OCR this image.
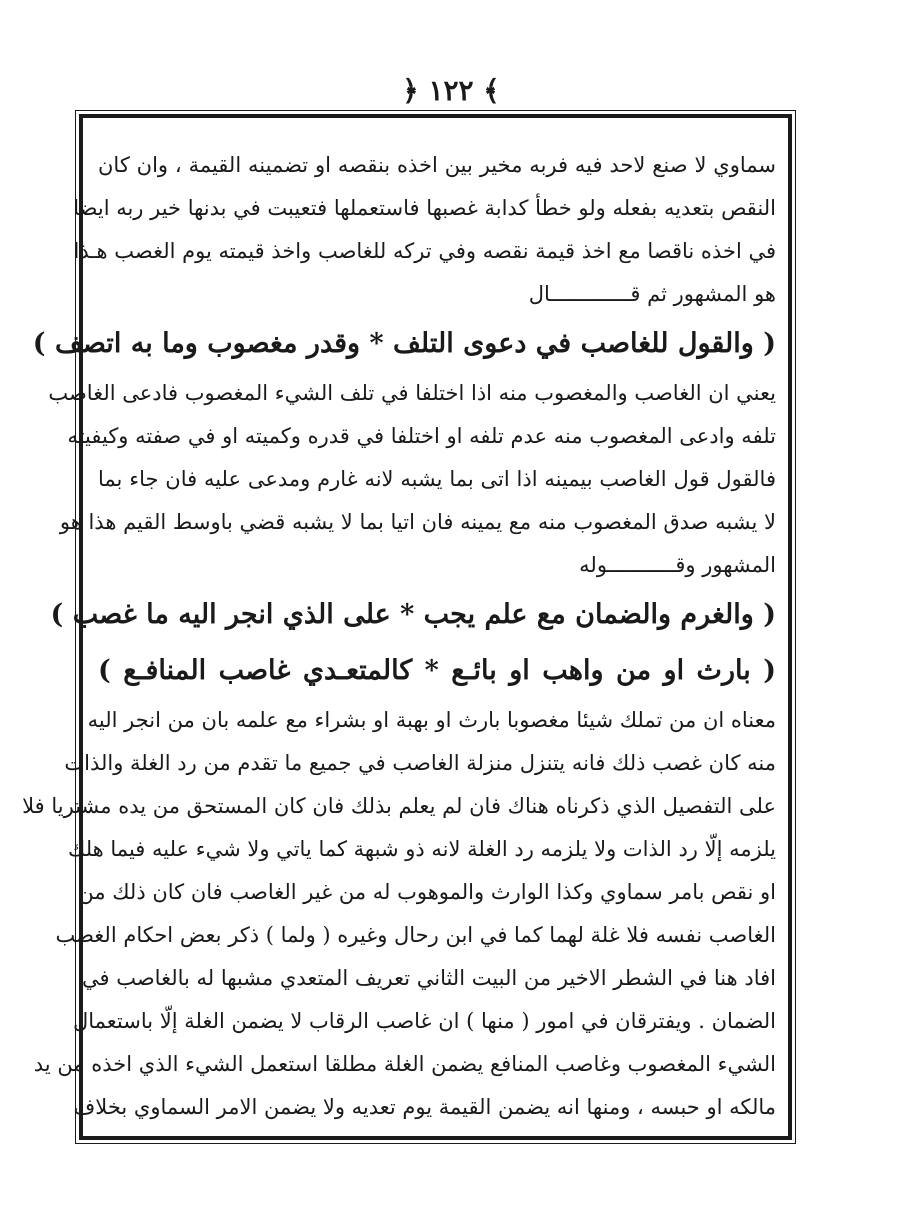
﴿ ١٢٢ ﴾
سماوي لا صنع لاحد فيه فربه مخير بين اخذه بنقصه او تضمينه القيمة ، وان كان
النقص بتعديه بفعله ولو خطأ كدابة غصبها فاستعملها فتعيبت في بدنها خير ربه ايضا
في اخذه ناقصا مع اخذ قيمة نقصه وفي تركه للغاصب واخذ قيمته يوم الغصب هـذا
هو المشهور ثم قـــــــــــــال
( والقول للغاصب في دعوى التلف * وقدر مغصوب وما به اتصف )
يعني ان الغاصب والمغصوب منه اذا اختلفا في تلف الشيء المغصوب فادعى الغاصب
تلفه وادعى المغصوب منه عدم تلفه او اختلفا في قدره وكميته او في صفته وكيفيته
فالقول قول الغاصب بيمينه اذا اتى بما يشبه لانه غارم ومدعى عليه فان جاء بما
لا يشبه صدق المغصوب منه مع يمينه فان اتيا بما لا يشبه قضي باوسط القيم هذا هو
المشهور وقـــــــــــوله
( والغرم والضمان مع علم يجب * على الذي انجر اليه ما غصب )
( بارث او من واهب او بائـع * كالمتعـدي غاصب المنافـع )
معناه ان من تملك شيئا مغصوبا بارث او بهبة او بشراء مع علمه بان من انجر اليه
منه كان غصب ذلك فانه يتنزل منزلة الغاصب في جميع ما تقدم من رد الغلة والذات
على التفصيل الذي ذكرناه هناك فان لم يعلم بذلك فان كان المستحق من يده مشتريا فلا
يلزمه إلّا رد الذات ولا يلزمه رد الغلة لانه ذو شبهة كما ياتي ولا شيء عليه فيما هلك
او نقص بامر سماوي وكذا الوارث والموهوب له من غير الغاصب فان كان ذلك من
الغاصب نفسه فلا غلة لهما كما في ابن رحال وغيره ( ولما ) ذكر بعض احكام الغصب
افاد هنا في الشطر الاخير من البيت الثاني تعريف المتعدي مشبها له بالغاصب في
الضمان . ويفترقان في امور ( منها ) ان غاصب الرقاب لا يضمن الغلة إلّا باستعمال
الشيء المغصوب وغاصب المنافع يضمن الغلة مطلقا استعمل الشيء الذي اخذه من يد
مالكه او حبسه ، ومنها انه يضمن القيمة يوم تعديه ولا يضمن الامر السماوي بخلاف
